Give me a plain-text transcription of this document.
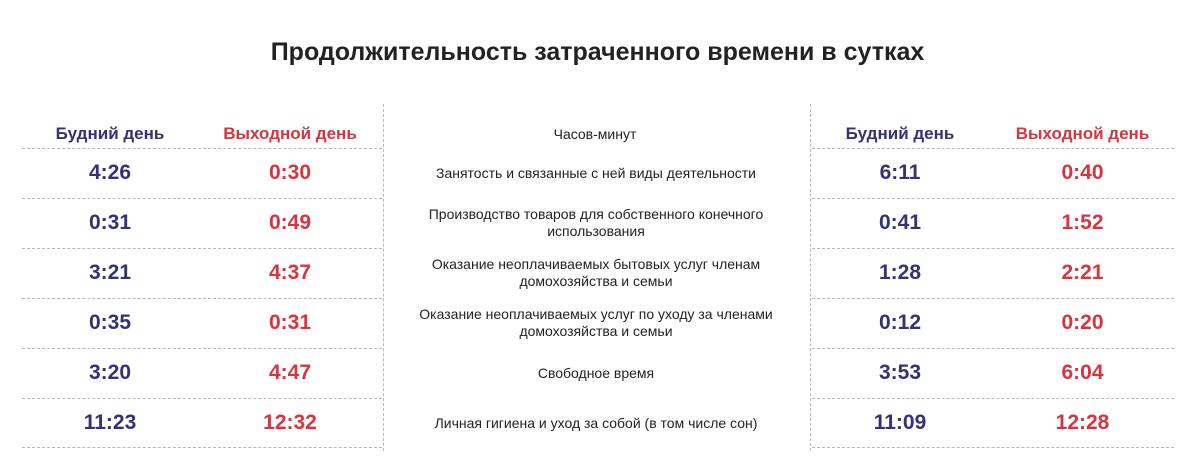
Продолжительность затраченного времени в сутках
Будний день	Выходной день	Часов-минут	Будний день	Выходной день
4:26	0:30	Занятость и связанные с ней виды деятельности	6:11	0:40
0:31	0:49	Производство товаров для собственного конечного использования	0:41	1:52
3:21	4:37	Оказание неоплачиваемых бытовых услуг членам домохозяйства и семьи	1:28	2:21
0:35	0:31	Оказание неоплачиваемых услуг по уходу за членами домохозяйства и семьи	0:12	0:20
3:20	4:47	Свободное время	3:53	6:04
11:23	12:32	Личная гигиена и уход за собой (в том числе сон)	11:09	12:28
